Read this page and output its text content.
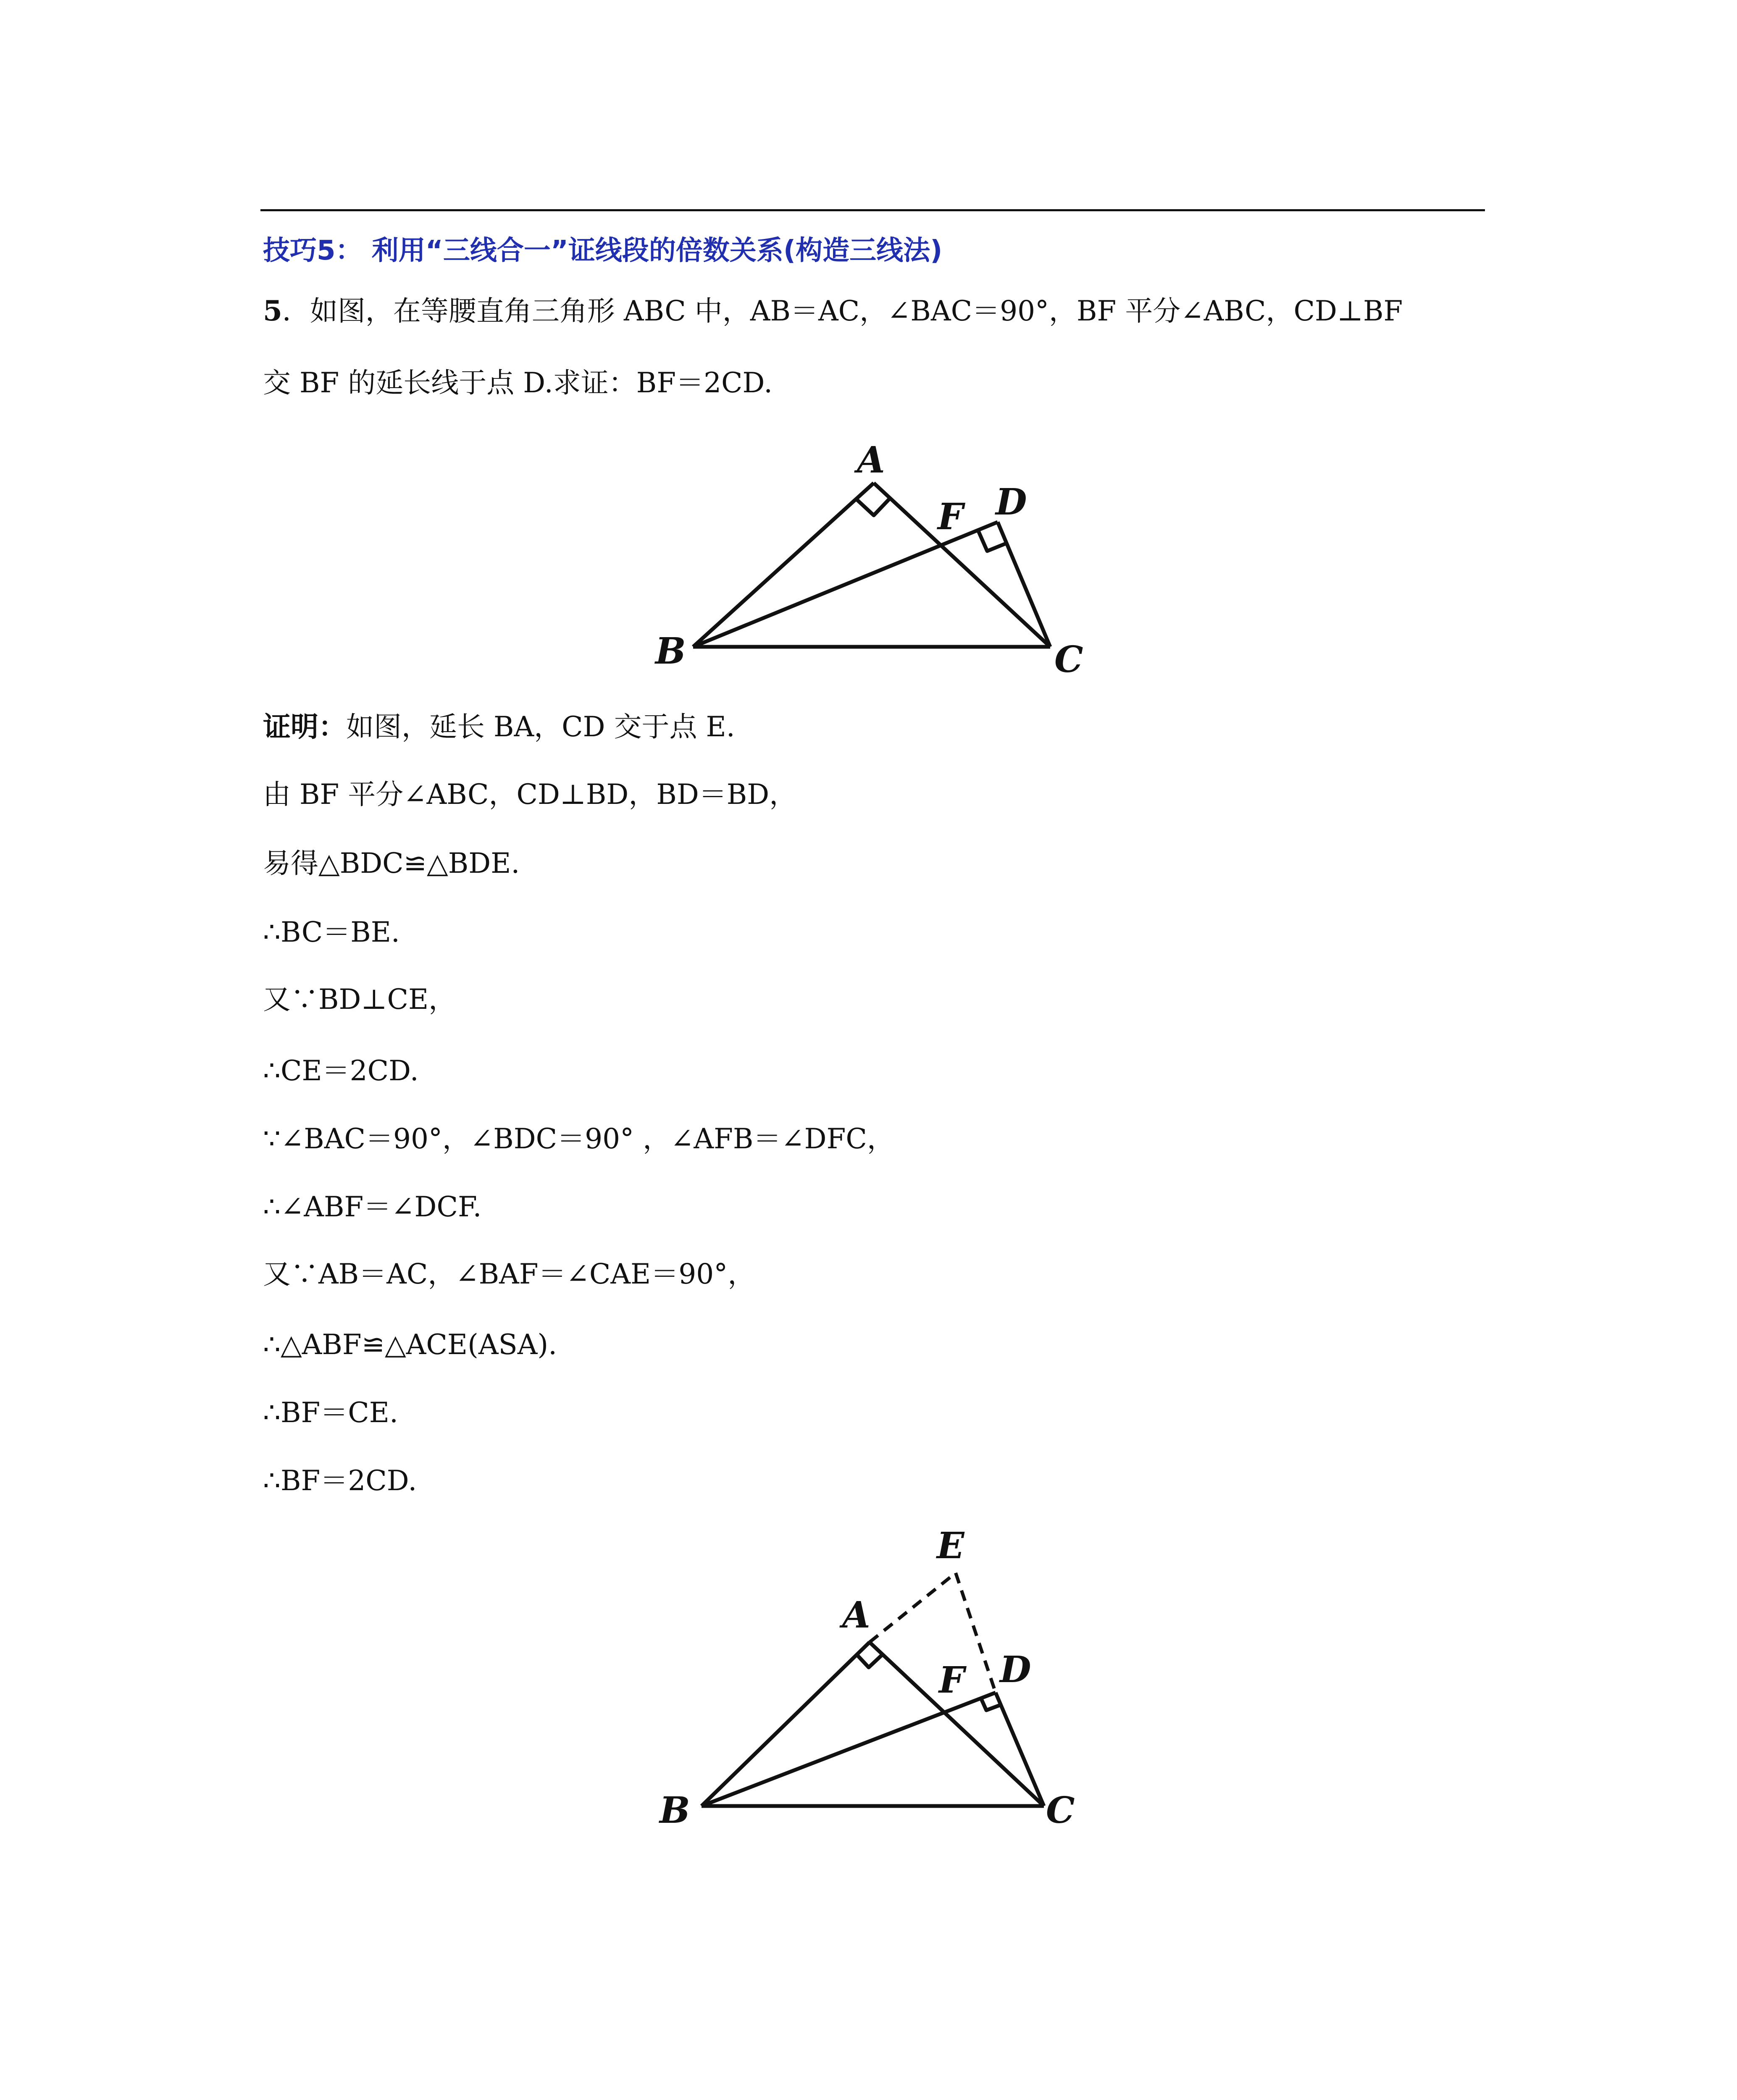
技巧5： 利用“三线合一”证线段的倍数关系(构造三线法)
5．如图，在等腰直角三角形 ABC 中，AB＝AC，∠BAC＝90°，BF 平分∠ABC，CD⊥BF
交 BF 的延长线于点 D.求证：BF＝2CD.
A
B	C
D
F
证明：如图，延长 BA，CD 交于点 E.
由 BF 平分∠ABC，CD⊥BD，BD＝BD，
易得△BDC≌△BDE.
∴BC＝BE.
又∵BD⊥CE，
∴CE＝2CD.
∵∠BAC＝90°，∠BDC＝90° ，∠AFB＝∠DFC，
∴∠ABF＝∠DCF.
又∵AB＝AC，∠BAF＝∠CAE＝90°，
∴△ABF≌△ACE(ASA).
∴BF＝CE.
∴BF＝2CD.
A
B	C
D
E
F
